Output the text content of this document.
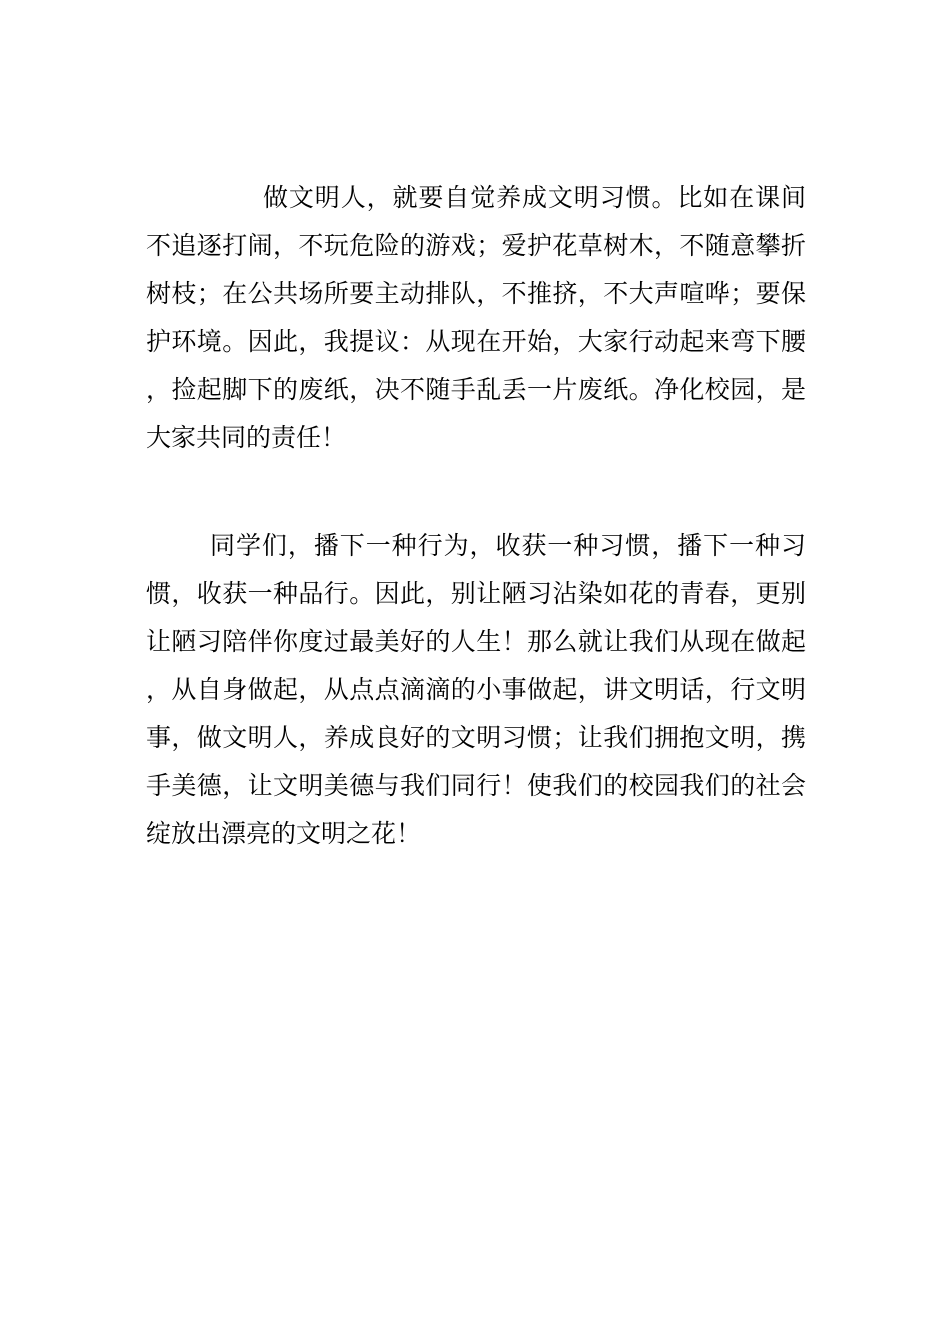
做文明人，就要自觉养成文明习惯。比如在课间不追逐打闹，不玩危险的游戏；爱护花草树木，不随意攀折树枝；在公共场所要主动排队，不推挤，不大声喧哗；要保护环境。因此，我提议：从现在开始，大家行动起来弯下腰，捡起脚下的废纸，决不随手乱丢一片废纸。净化校园，是大家共同的责任！

同学们，播下一种行为，收获一种习惯，播下一种习惯，收获一种品行。因此，别让陋习沾染如花的青春，更别让陋习陪伴你度过最美好的人生！那么就让我们从现在做起，从自身做起，从点点滴滴的小事做起，讲文明话，行文明事，做文明人，养成良好的文明习惯；让我们拥抱文明，携手美德，让文明美德与我们同行！使我们的校园我们的社会绽放出漂亮的文明之花！
